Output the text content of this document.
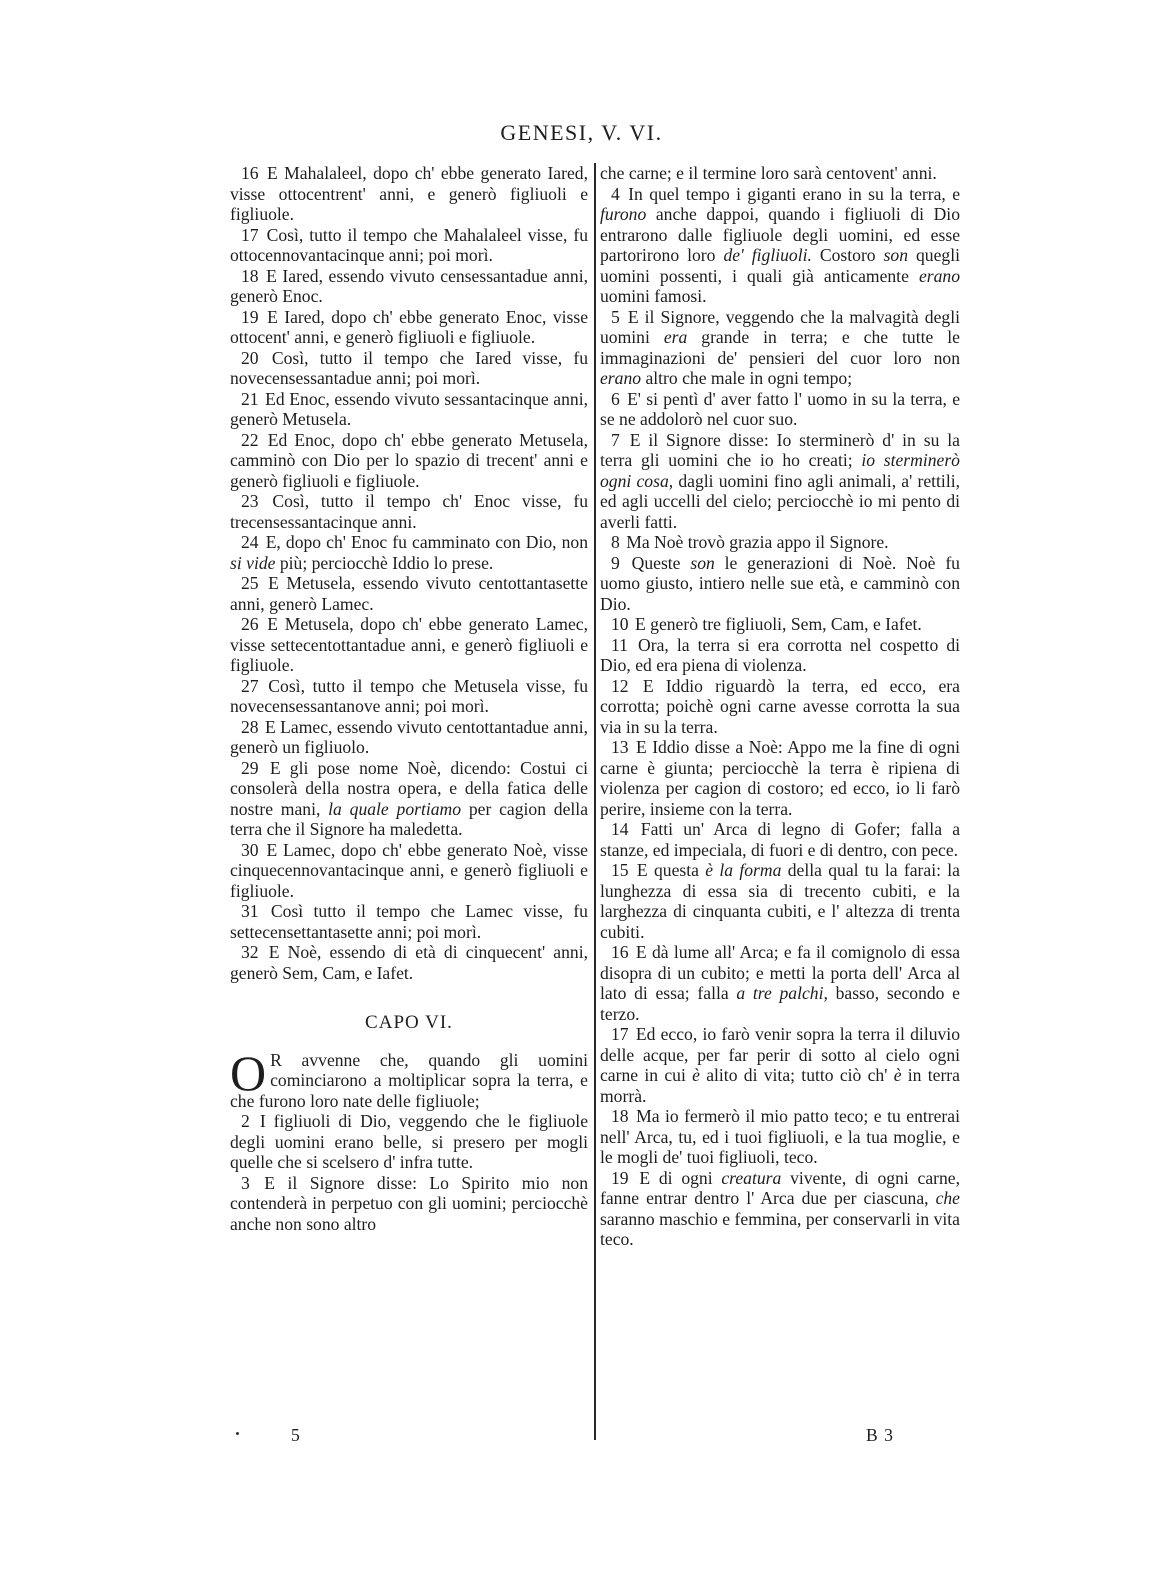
GENESI, V. VI.

16 E Mahalaleel, dopo ch' ebbe generato Iared, visse ottocentrent' anni, e generò figliuoli e figliuole.

17 Così, tutto il tempo che Mahalaleel visse, fu ottocennovantacinque anni; poi morì.

18 E Iared, essendo vivuto censessantadue anni, generò Enoc.

19 E Iared, dopo ch' ebbe generato Enoc, visse ottocent' anni, e generò figliuoli e figliuole.

20 Così, tutto il tempo che Iared visse, fu novecensessantadue anni; poi morì.

21 Ed Enoc, essendo vivuto sessantacinque anni, generò Metusela.

22 Ed Enoc, dopo ch' ebbe generato Metusela, camminò con Dio per lo spazio di trecent' anni e generò figliuoli e figliuole.

23 Così, tutto il tempo ch' Enoc visse, fu trecensessantacinque anni.

24 E, dopo ch' Enoc fu camminato con Dio, non si vide più; perciocchè Iddio lo prese.

25 E Metusela, essendo vivuto centottantasette anni, generò Lamec.

26 E Metusela, dopo ch' ebbe generato Lamec, visse settecentottantadue anni, e generò figliuoli e figliuole.

27 Così, tutto il tempo che Metusela visse, fu novecensessantanove anni; poi morì.

28 E Lamec, essendo vivuto centottantadue anni, generò un figliuolo.

29 E gli pose nome Noè, dicendo: Costui ci consolerà della nostra opera, e della fatica delle nostre mani, la quale portiamo per cagion della terra che il Signore ha maledetta.

30 E Lamec, dopo ch' ebbe generato Noè, visse cinquecennovantacinque anni, e generò figliuoli e figliuole.

31 Così tutto il tempo che Lamec visse, fu settecensettantasette anni; poi morì.

32 E Noè, essendo di età di cinquecent' anni, generò Sem, Cam, e Iafet.

CAPO VI.

O R avvenne che, quando gli uomini cominciarono a moltiplicar sopra la terra, e che furono loro nate delle figliuole;

2 I figliuoli di Dio, veggendo che le figliuole degli uomini erano belle, si presero per mogli quelle che si scelsero d' infra tutte.

3 E il Signore disse: Lo Spirito mio non contenderà in perpetuo con gli uomini; perciocchè anche non sono altro

che carne; e il termine loro sarà centovent' anni.

4 In quel tempo i giganti erano in su la terra, e furono anche dappoi, quando i figliuoli di Dio entrarono dalle figliuole degli uomini, ed esse partorirono loro de' figliuoli. Costoro son quegli uomini possenti, i quali già anticamente erano uomini famosi.

5 E il Signore, veggendo che la malvagità degli uomini era grande in terra; e che tutte le immaginazioni de' pensieri del cuor loro non erano altro che male in ogni tempo;

6 E' si pentì d' aver fatto l' uomo in su la terra, e se ne addolorò nel cuor suo.

7 E il Signore disse: Io sterminerò d' in su la terra gli uomini che io ho creati; io sterminerò ogni cosa, dagli uomini fino agli animali, a' rettili, ed agli uccelli del cielo; perciocchè io mi pento di averli fatti.

8 Ma Noè trovò grazia appo il Signore.

9 Queste son le generazioni di Noè. Noè fu uomo giusto, intiero nelle sue età, e camminò con Dio.

10 E generò tre figliuoli, Sem, Cam, e Iafet.

11 Ora, la terra si era corrotta nel cospetto di Dio, ed era piena di violenza.

12 E Iddio riguardò la terra, ed ecco, era corrotta; poichè ogni carne avesse corrotta la sua via in su la terra.

13 E Iddio disse a Noè: Appo me la fine di ogni carne è giunta; perciocchè la terra è ripiena di violenza per cagion di costoro; ed ecco, io li farò perire, insieme con la terra.

14 Fatti un' Arca di legno di Gofer; falla a stanze, ed impeciala, di fuori e di dentro, con pece.

15 E questa è la forma della qual tu la farai: la lunghezza di essa sia di trecento cubiti, e la larghezza di cinquanta cubiti, e l' altezza di trenta cubiti.

16 E dà lume all' Arca; e fa il comignolo di essa disopra di un cubito; e metti la porta dell' Arca al lato di essa; falla a tre palchi, basso, secondo e terzo.

17 Ed ecco, io farò venir sopra la terra il diluvio delle acque, per far perir di sotto al cielo ogni carne in cui è alito di vita; tutto ciò ch' è in terra morrà.

18 Ma io fermerò il mio patto teco; e tu entrerai nell' Arca, tu, ed i tuoi figliuoli, e la tua moglie, e le mogli de' tuoi figliuoli, teco.

19 E di ogni creatura vivente, di ogni carne, fanne entrar dentro l' Arca due per ciascuna, che saranno maschio e femmina, per conservarli in vita teco.

5	B 3
